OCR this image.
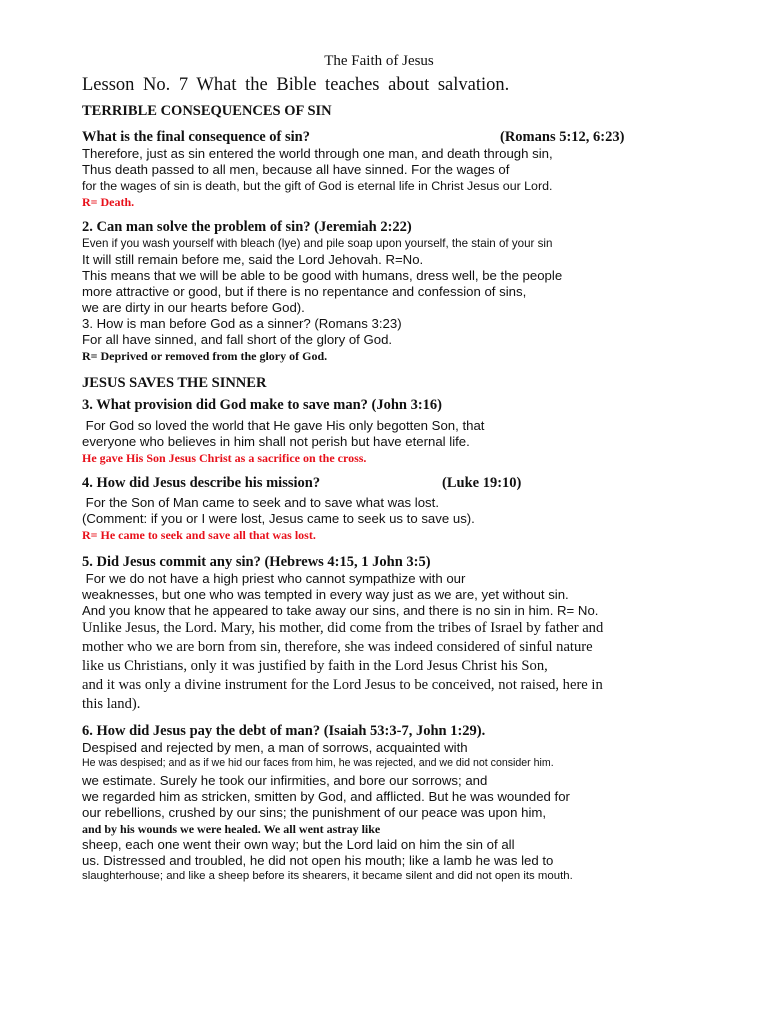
The Faith of Jesus

Lesson No. 7 What the Bible teaches about salvation.

TERRIBLE CONSEQUENCES OF SIN

What is the final consequence of sin?	(Romans 5:12, 6:23)

Therefore, just as sin entered the world through one man, and death through sin,

Thus death passed to all men, because all have sinned. For the wages of

for the wages of sin is death, but the gift of God is eternal life in Christ Jesus our Lord.

R= Death.

2. Can man solve the problem of sin? (Jeremiah 2:22)

Even if you wash yourself with bleach (lye) and pile soap upon yourself, the stain of your sin

It will still remain before me, said the Lord Jehovah. R=No.

This means that we will be able to be good with humans, dress well, be the people

more attractive or good, but if there is no repentance and confession of sins,

we are dirty in our hearts before God).

3. How is man before God as a sinner? (Romans 3:23)

For all have sinned, and fall short of the glory of God.

R= Deprived or removed from the glory of God.

JESUS SAVES THE SINNER

3. What provision did God make to save man? (John 3:16)

For God so loved the world that He gave His only begotten Son, that

everyone who believes in him shall not perish but have eternal life.

He gave His Son Jesus Christ as a sacrifice on the cross.

4. How did Jesus describe his mission?	(Luke 19:10)

For the Son of Man came to seek and to save what was lost.

(Comment: if you or I were lost, Jesus came to seek us to save us).

R= He came to seek and save all that was lost.

5. Did Jesus commit any sin? (Hebrews 4:15, 1 John 3:5)

For we do not have a high priest who cannot sympathize with our

weaknesses, but one who was tempted in every way just as we are, yet without sin.

And you know that he appeared to take away our sins, and there is no sin in him. R= No.

Unlike Jesus, the Lord. Mary, his mother, did come from the tribes of Israel by father and

mother who we are born from sin, therefore, she was indeed considered of sinful nature

like us Christians, only it was justified by faith in the Lord Jesus Christ his Son,

and it was only a divine instrument for the Lord Jesus to be conceived, not raised, here in

this land).

6. How did Jesus pay the debt of man? (Isaiah 53:3-7, John 1:29).

Despised and rejected by men, a man of sorrows, acquainted with

He was despised; and as if we hid our faces from him, he was rejected, and we did not consider him.

we estimate. Surely he took our infirmities, and bore our sorrows; and

we regarded him as stricken, smitten by God, and afflicted. But he was wounded for

our rebellions, crushed by our sins; the punishment of our peace was upon him,

and by his wounds we were healed. We all went astray like

sheep, each one went their own way; but the Lord laid on him the sin of all

us. Distressed and troubled, he did not open his mouth; like a lamb he was led to

slaughterhouse; and like a sheep before its shearers, it became silent and did not open its mouth.
